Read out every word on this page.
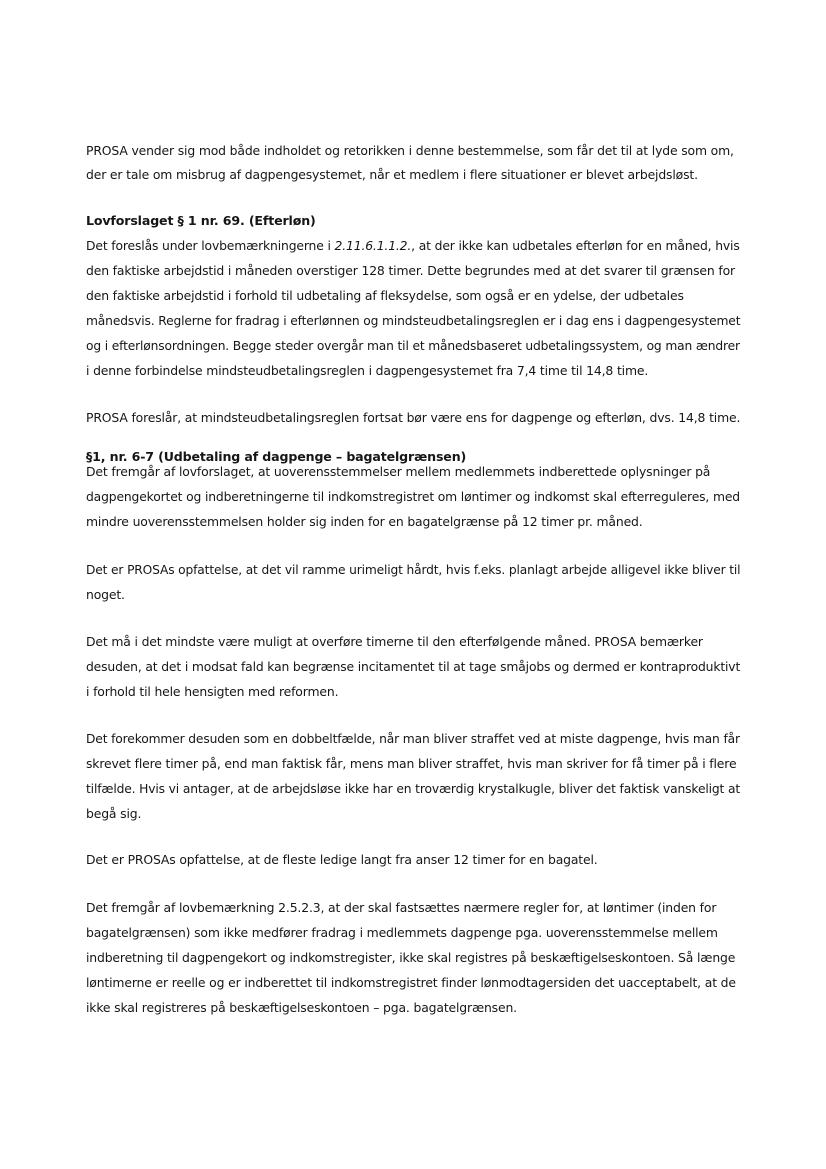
PROSA vender sig mod både indholdet og retorikken i denne bestemmelse, som får det til at lyde som om,
der er tale om misbrug af dagpengesystemet, når et medlem i flere situationer er blevet arbejdsløst.
Lovforslaget § 1 nr. 69. (Efterløn)
Det foreslås under lovbemærkningerne i 2.11.6.1.1.2., at der ikke kan udbetales efterløn for en måned, hvis
den faktiske arbejdstid i måneden overstiger 128 timer. Dette begrundes med at det svarer til grænsen for
den faktiske arbejdstid i forhold til udbetaling af fleksydelse, som også er en ydelse, der udbetales
månedsvis. Reglerne for fradrag i efterlønnen og mindsteudbetalingsreglen er i dag ens i dagpengesystemet
og i efterlønsordningen. Begge steder overgår man til et månedsbaseret udbetalingssystem, og man ændrer
i denne forbindelse mindsteudbetalingsreglen i dagpengesystemet fra 7,4 time til 14,8 time.
PROSA foreslår, at mindsteudbetalingsreglen fortsat bør være ens for dagpenge og efterløn, dvs. 14,8 time.
§1, nr. 6-7 (Udbetaling af dagpenge – bagatelgrænsen)
Det fremgår af lovforslaget, at uoverensstemmelser mellem medlemmets indberettede oplysninger på
dagpengekortet og indberetningerne til indkomstregistret om løntimer og indkomst skal efterreguleres, med
mindre uoverensstemmelsen holder sig inden for en bagatelgrænse på 12 timer pr. måned.
Det er PROSAs opfattelse, at det vil ramme urimeligt hårdt, hvis f.eks. planlagt arbejde alligevel ikke bliver til
noget.
Det må i det mindste være muligt at overføre timerne til den efterfølgende måned. PROSA bemærker
desuden, at det i modsat fald kan begrænse incitamentet til at tage småjobs og dermed er kontraproduktivt
i forhold til hele hensigten med reformen.
Det forekommer desuden som en dobbeltfælde, når man bliver straffet ved at miste dagpenge, hvis man får
skrevet flere timer på, end man faktisk får, mens man bliver straffet, hvis man skriver for få timer på i flere
tilfælde. Hvis vi antager, at de arbejdsløse ikke har en troværdig krystalkugle, bliver det faktisk vanskeligt at
begå sig.
Det er PROSAs opfattelse, at de fleste ledige langt fra anser 12 timer for en bagatel.
Det fremgår af lovbemærkning 2.5.2.3, at der skal fastsættes nærmere regler for, at løntimer (inden for
bagatelgrænsen) som ikke medfører fradrag i medlemmets dagpenge pga. uoverensstemmelse mellem
indberetning til dagpengekort og indkomstregister, ikke skal registres på beskæftigelseskontoen. Så længe
løntimerne er reelle og er indberettet til indkomstregistret finder lønmodtagersiden det uacceptabelt, at de
ikke skal registreres på beskæftigelseskontoen – pga. bagatelgrænsen.
